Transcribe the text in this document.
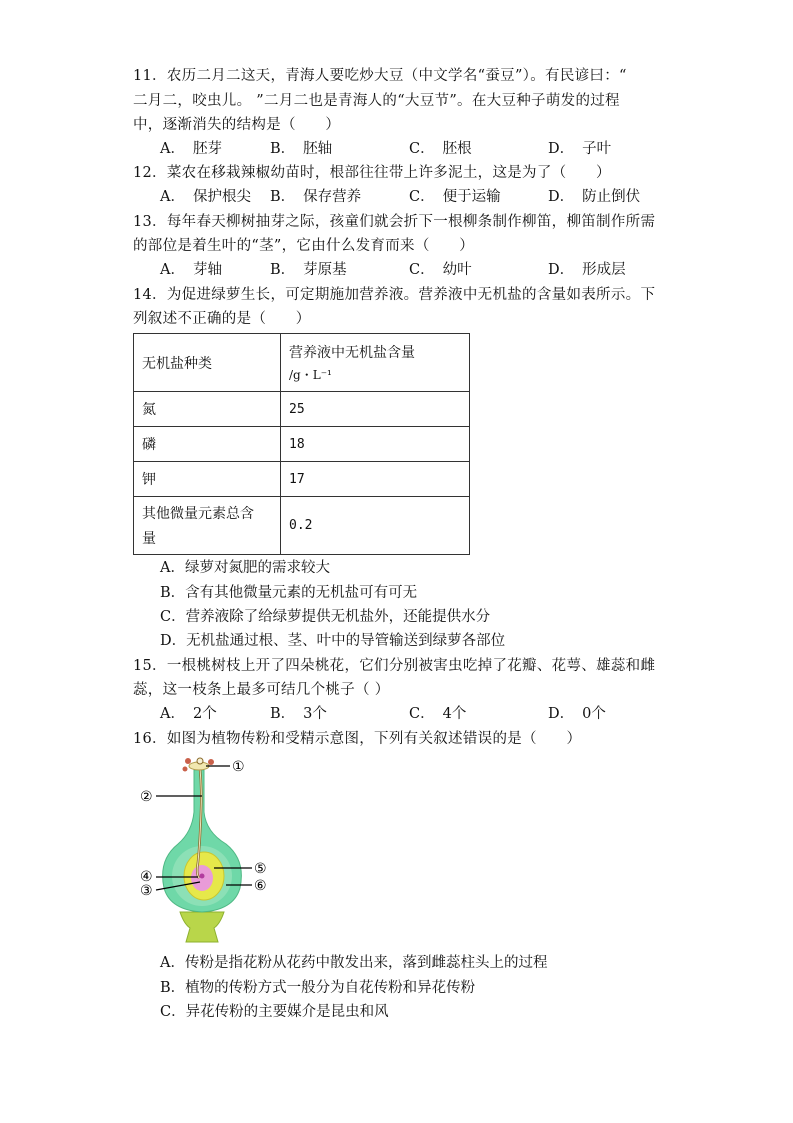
11．农历二月二这天，青海人要吃炒大豆（中文学名“蚕豆”）。有民谚曰：“
二月二，咬虫儿。 ”二月二也是青海人的“大豆节”。在大豆种子萌发的过程
中，逐渐消失的结构是（　　）
A． 胚芽	B． 胚轴	C． 胚根	D． 子叶
12．菜农在移栽辣椒幼苗时，根部往往带上许多泥土，这是为了（　　）
A． 保护根尖 B． 保存营养	C． 便于运输	D． 防止倒伏
13．每年春天柳树抽芽之际，孩童们就会折下一根柳条制作柳笛，柳笛制作所需
的部位是着生叶的“茎”，它由什么发育而来（　　）
A． 芽轴	B． 芽原基	C． 幼叶	D． 形成层
14．为促进绿萝生长，可定期施加营养液。营养液中无机盐的含量如表所示。下
列叙述不正确的是（　　）
无机盐种类	营养液中无机盐含量
/g・L⁻¹

氮	25
磷	18
钾	17

其他微量元素总含
量	0.2
A．绿萝对氮肥的需求较大
B．含有其他微量元素的无机盐可有可无
C．营养液除了给绿萝提供无机盐外，还能提供水分
D．无机盐通过根、茎、叶中的导管输送到绿萝各部位
15．一根桃树枝上开了四朵桃花，它们分别被害虫吃掉了花瓣、花萼、雄蕊和雌
蕊，这一枝条上最多可结几个桃子（ ）
A． 2个	B． 3个	C． 4个	D． 0个
16．如图为植物传粉和受精示意图，下列有关叙述错误的是（　　）
①
②
③
④	⑤
⑥
A．传粉是指花粉从花药中散发出来，落到雌蕊柱头上的过程
B．植物的传粉方式一般分为自花传粉和异花传粉
C．异花传粉的主要媒介是昆虫和风
